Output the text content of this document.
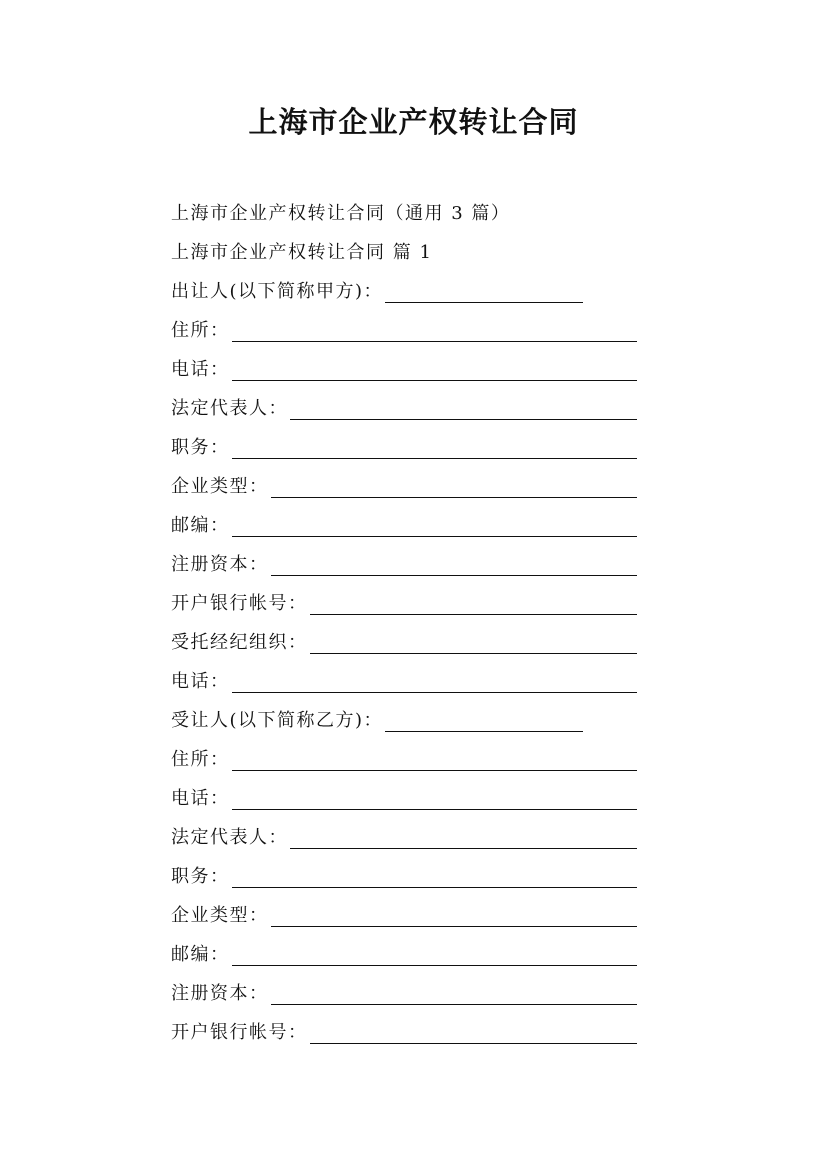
上海市企业产权转让合同
上海市企业产权转让合同（通用 3 篇）
上海市企业产权转让合同 篇 1
出让人(以下简称甲方)：
住所：
电话：
法定代表人：
职务：
企业类型：
邮编：
注册资本：
开户银行帐号：
受托经纪组织：
电话：
受让人(以下简称乙方)：
住所：
电话：
法定代表人：
职务：
企业类型：
邮编：
注册资本：
开户银行帐号：
